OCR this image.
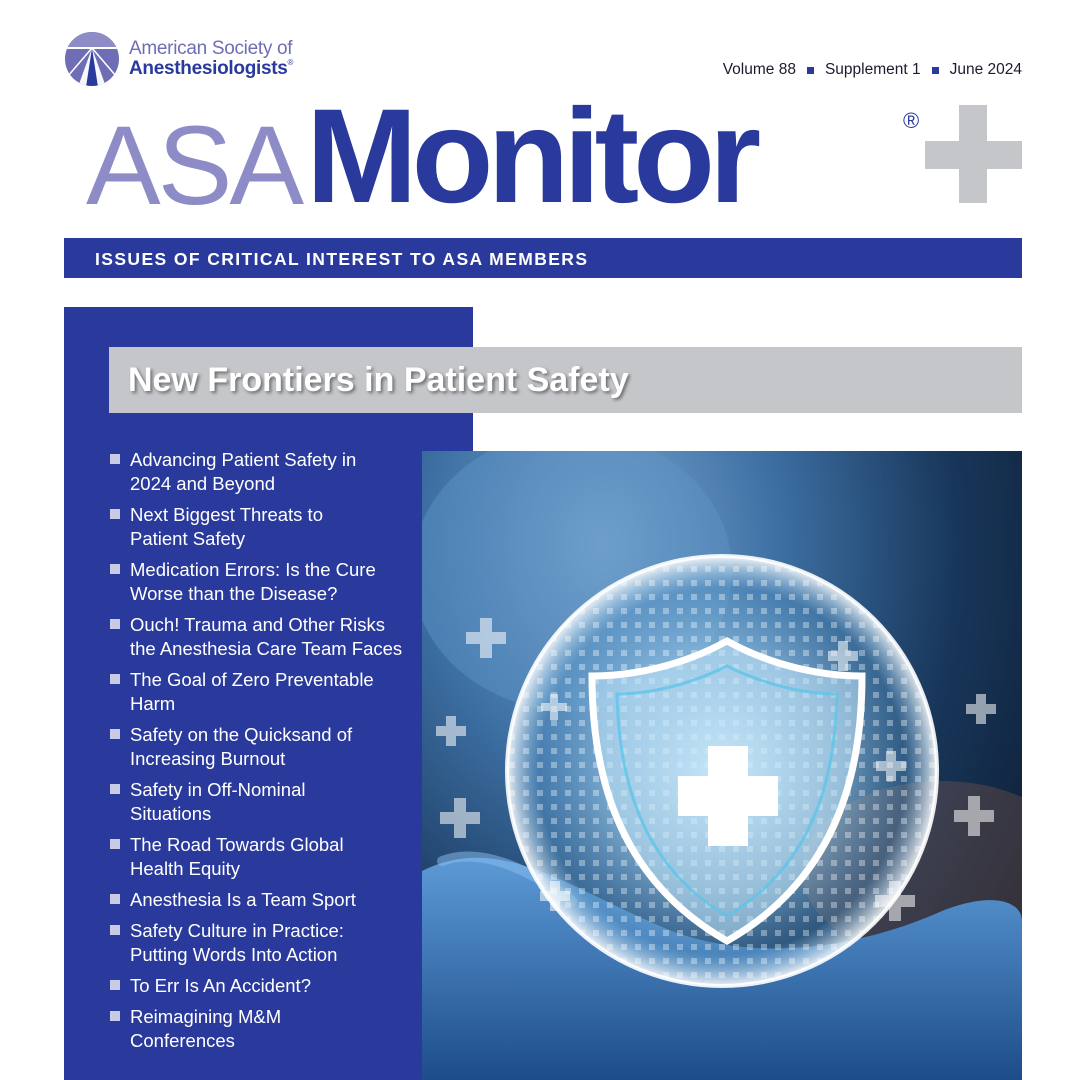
American Society of
Anesthesiologists®	Volume 88 Supplement 1 June 2024
ASA Monitor	®
ISSUES OF CRITICAL INTEREST TO ASA MEMBERS
New Frontiers in Patient Safety
Advancing Patient Safety in
2024 and Beyond
Next Biggest Threats to
Patient Safety
Medication Errors: Is the Cure
Worse than the Disease?
Ouch! Trauma and Other Risks
the Anesthesia Care Team Faces
The Goal of Zero Preventable
Harm
Safety on the Quicksand of
Increasing Burnout
Safety in Off-Nominal
Situations
The Road Towards Global
Health Equity
Anesthesia Is a Team Sport
Safety Culture in Practice:
Putting Words Into Action
To Err Is An Accident?
Reimagining M&M
Conferences
